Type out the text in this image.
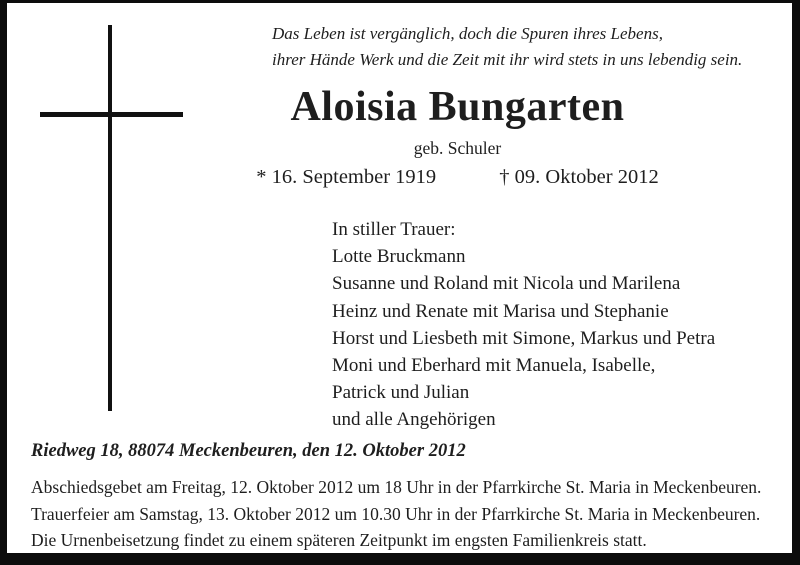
Das Leben ist vergänglich, doch die Spuren ihres Lebens,
ihrer Hände Werk und die Zeit mit ihr wird stets in uns lebendig sein.
Aloisia Bungarten
geb. Schuler
* 16. September 1919	† 09. Oktober 2012
In stiller Trauer:
Lotte Bruckmann
Susanne und Roland mit Nicola und Marilena
Heinz und Renate mit Marisa und Stephanie
Horst und Liesbeth mit Simone, Markus und Petra
Moni und Eberhard mit Manuela, Isabelle,
Patrick und Julian
und alle Angehörigen
Riedweg 18, 88074 Meckenbeuren, den 12. Oktober 2012
Abschiedsgebet am Freitag, 12. Oktober 2012 um 18 Uhr in der Pfarrkirche St. Maria in Meckenbeuren.
Trauerfeier am Samstag, 13. Oktober 2012 um 10.30 Uhr in der Pfarrkirche St. Maria in Meckenbeuren.
Die Urnenbeisetzung findet zu einem späteren Zeitpunkt im engsten Familienkreis statt.
